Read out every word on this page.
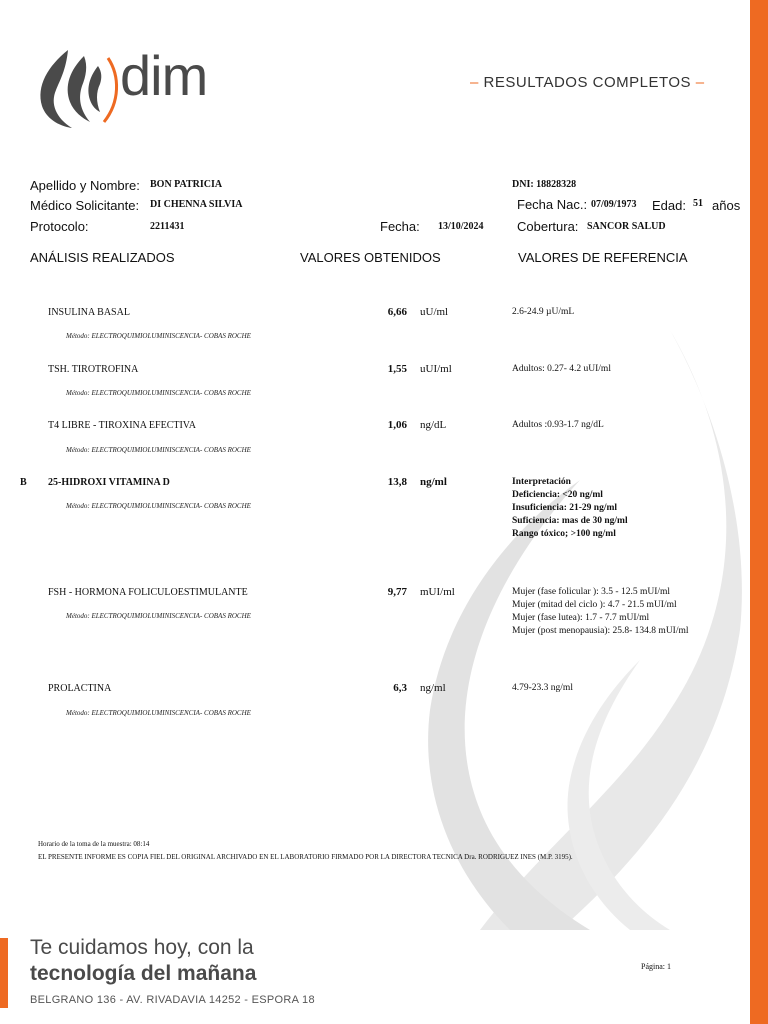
dim	– RESULTADOS COMPLETOS –
Apellido y Nombre: BON PATRICIA
Médico Solicitante: DI CHENNA SILVIA
Protocolo:	2211431	Fecha: 13/10/2024
DNI: 18828328
Fecha Nac.: 07/09/1973 Edad: 51 años
Cobertura: SANCOR SALUD
ANÁLISIS REALIZADOS	VALORES OBTENIDOS	VALORES DE REFERENCIA
INSULINA BASAL
Método: ELECTROQUIMIOLUMINISCENCIA- COBAS ROCHE
6,66 uU/ml	2.6-24.9 µU/mL
TSH. TIROTROFINA
Método: ELECTROQUIMIOLUMINISCENCIA- COBAS ROCHE
1,55 uUI/ml	Adultos: 0.27- 4.2 uUI/ml
T4 LIBRE - TIROXINA EFECTIVA
Método: ELECTROQUIMIOLUMINISCENCIA- COBAS ROCHE
1,06 ng/dL	Adultos :0.93-1.7 ng/dL
B 25-HIDROXI VITAMINA D
Método: ELECTROQUIMIOLUMINISCENCIA- COBAS ROCHE
13,8 ng/ml	Interpretación
Deficiencia: <20 ng/ml
Insuficiencia: 21-29 ng/ml
Suficiencia: mas de 30 ng/ml
Rango tóxico; >100 ng/ml
FSH - HORMONA FOLICULOESTIMULANTE
Método: ELECTROQUIMIOLUMINISCENCIA- COBAS ROCHE
9,77 mUI/ml	Mujer (fase folicular ): 3.5 - 12.5 mUI/ml
Mujer (mitad del ciclo ): 4.7 - 21.5 mUI/ml
Mujer (fase lutea): 1.7 - 7.7 mUI/ml
Mujer (post menopausia): 25.8- 134.8 mUI/ml
PROLACTINA
Método: ELECTROQUIMIOLUMINISCENCIA- COBAS ROCHE
6,3 ng/ml	4.79-23.3 ng/ml
Horario de la toma de la muestra: 08:14
EL PRESENTE INFORME ES COPIA FIEL DEL ORIGINAL ARCHIVADO EN EL LABORATORIO FIRMADO POR LA DIRECTORA TECNICA Dra. RODRIGUEZ INES (M.P. 3195).
Te cuidamos hoy, con la
tecnología del mañana
BELGRANO 136 - AV. RIVADAVIA 14252 - ESPORA 18
Página: 1
